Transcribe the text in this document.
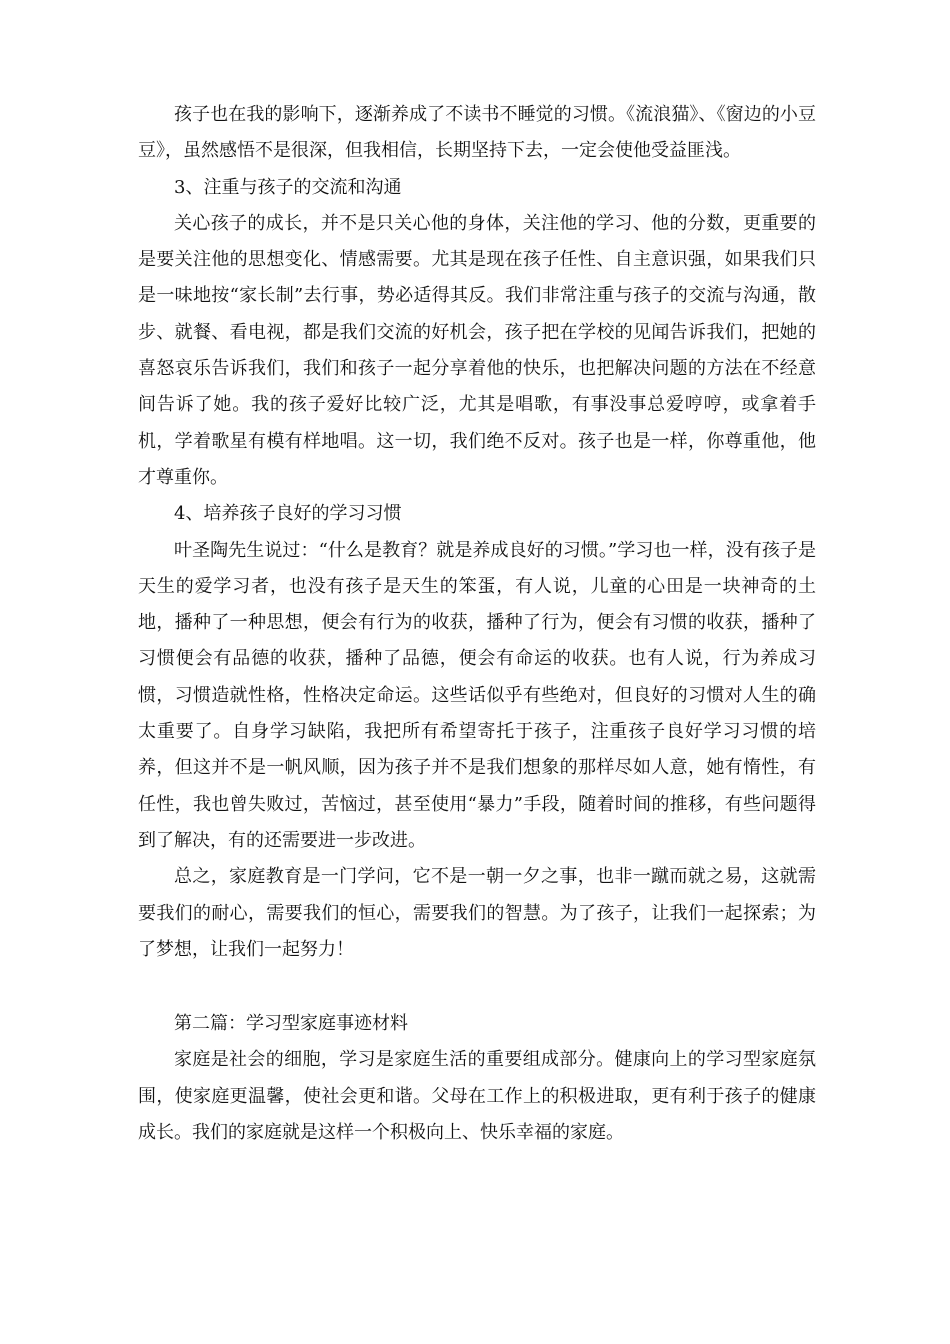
孩子也在我的影响下，逐渐养成了不读书不睡觉的习惯。《流浪猫》、《窗边的小豆豆》，虽然感悟不是很深，但我相信，长期坚持下去，一定会使他受益匪浅。

3、注重与孩子的交流和沟通

关心孩子的成长，并不是只关心他的身体，关注他的学习、他的分数，更重要的是要关注他的思想变化、情感需要。尤其是现在孩子任性、自主意识强，如果我们只是一味地按“家长制”去行事，势必适得其反。我们非常注重与孩子的交流与沟通，散步、就餐、看电视，都是我们交流的好机会，孩子把在学校的见闻告诉我们，把她的喜怒哀乐告诉我们，我们和孩子一起分享着他的快乐，也把解决问题的方法在不经意间告诉了她。我的孩子爱好比较广泛，尤其是唱歌，有事没事总爱哼哼，或拿着手机，学着歌星有模有样地唱。这一切，我们绝不反对。孩子也是一样，你尊重他，他才尊重你。

4、培养孩子良好的学习习惯

叶圣陶先生说过：“什么是教育？就是养成良好的习惯。”学习也一样，没有孩子是天生的爱学习者，也没有孩子是天生的笨蛋，有人说，儿童的心田是一块神奇的土地，播种了一种思想，便会有行为的收获，播种了行为，便会有习惯的收获，播种了习惯便会有品德的收获，播种了品德，便会有命运的收获。也有人说，行为养成习惯，习惯造就性格，性格决定命运。这些话似乎有些绝对，但良好的习惯对人生的确太重要了。自身学习缺陷，我把所有希望寄托于孩子，注重孩子良好学习习惯的培养，但这并不是一帆风顺，因为孩子并不是我们想象的那样尽如人意，她有惰性，有任性，我也曾失败过，苦恼过，甚至使用“暴力”手段，随着时间的推移，有些问题得到了解决，有的还需要进一步改进。

总之，家庭教育是一门学问，它不是一朝一夕之事，也非一蹴而就之易，这就需要我们的耐心，需要我们的恒心，需要我们的智慧。为了孩子，让我们一起探索；为了梦想，让我们一起努力！

第二篇：学习型家庭事迹材料

家庭是社会的细胞，学习是家庭生活的重要组成部分。健康向上的学习型家庭氛围，使家庭更温馨，使社会更和谐。父母在工作上的积极进取，更有利于孩子的健康成长。我们的家庭就是这样一个积极向上、快乐幸福的家庭。
